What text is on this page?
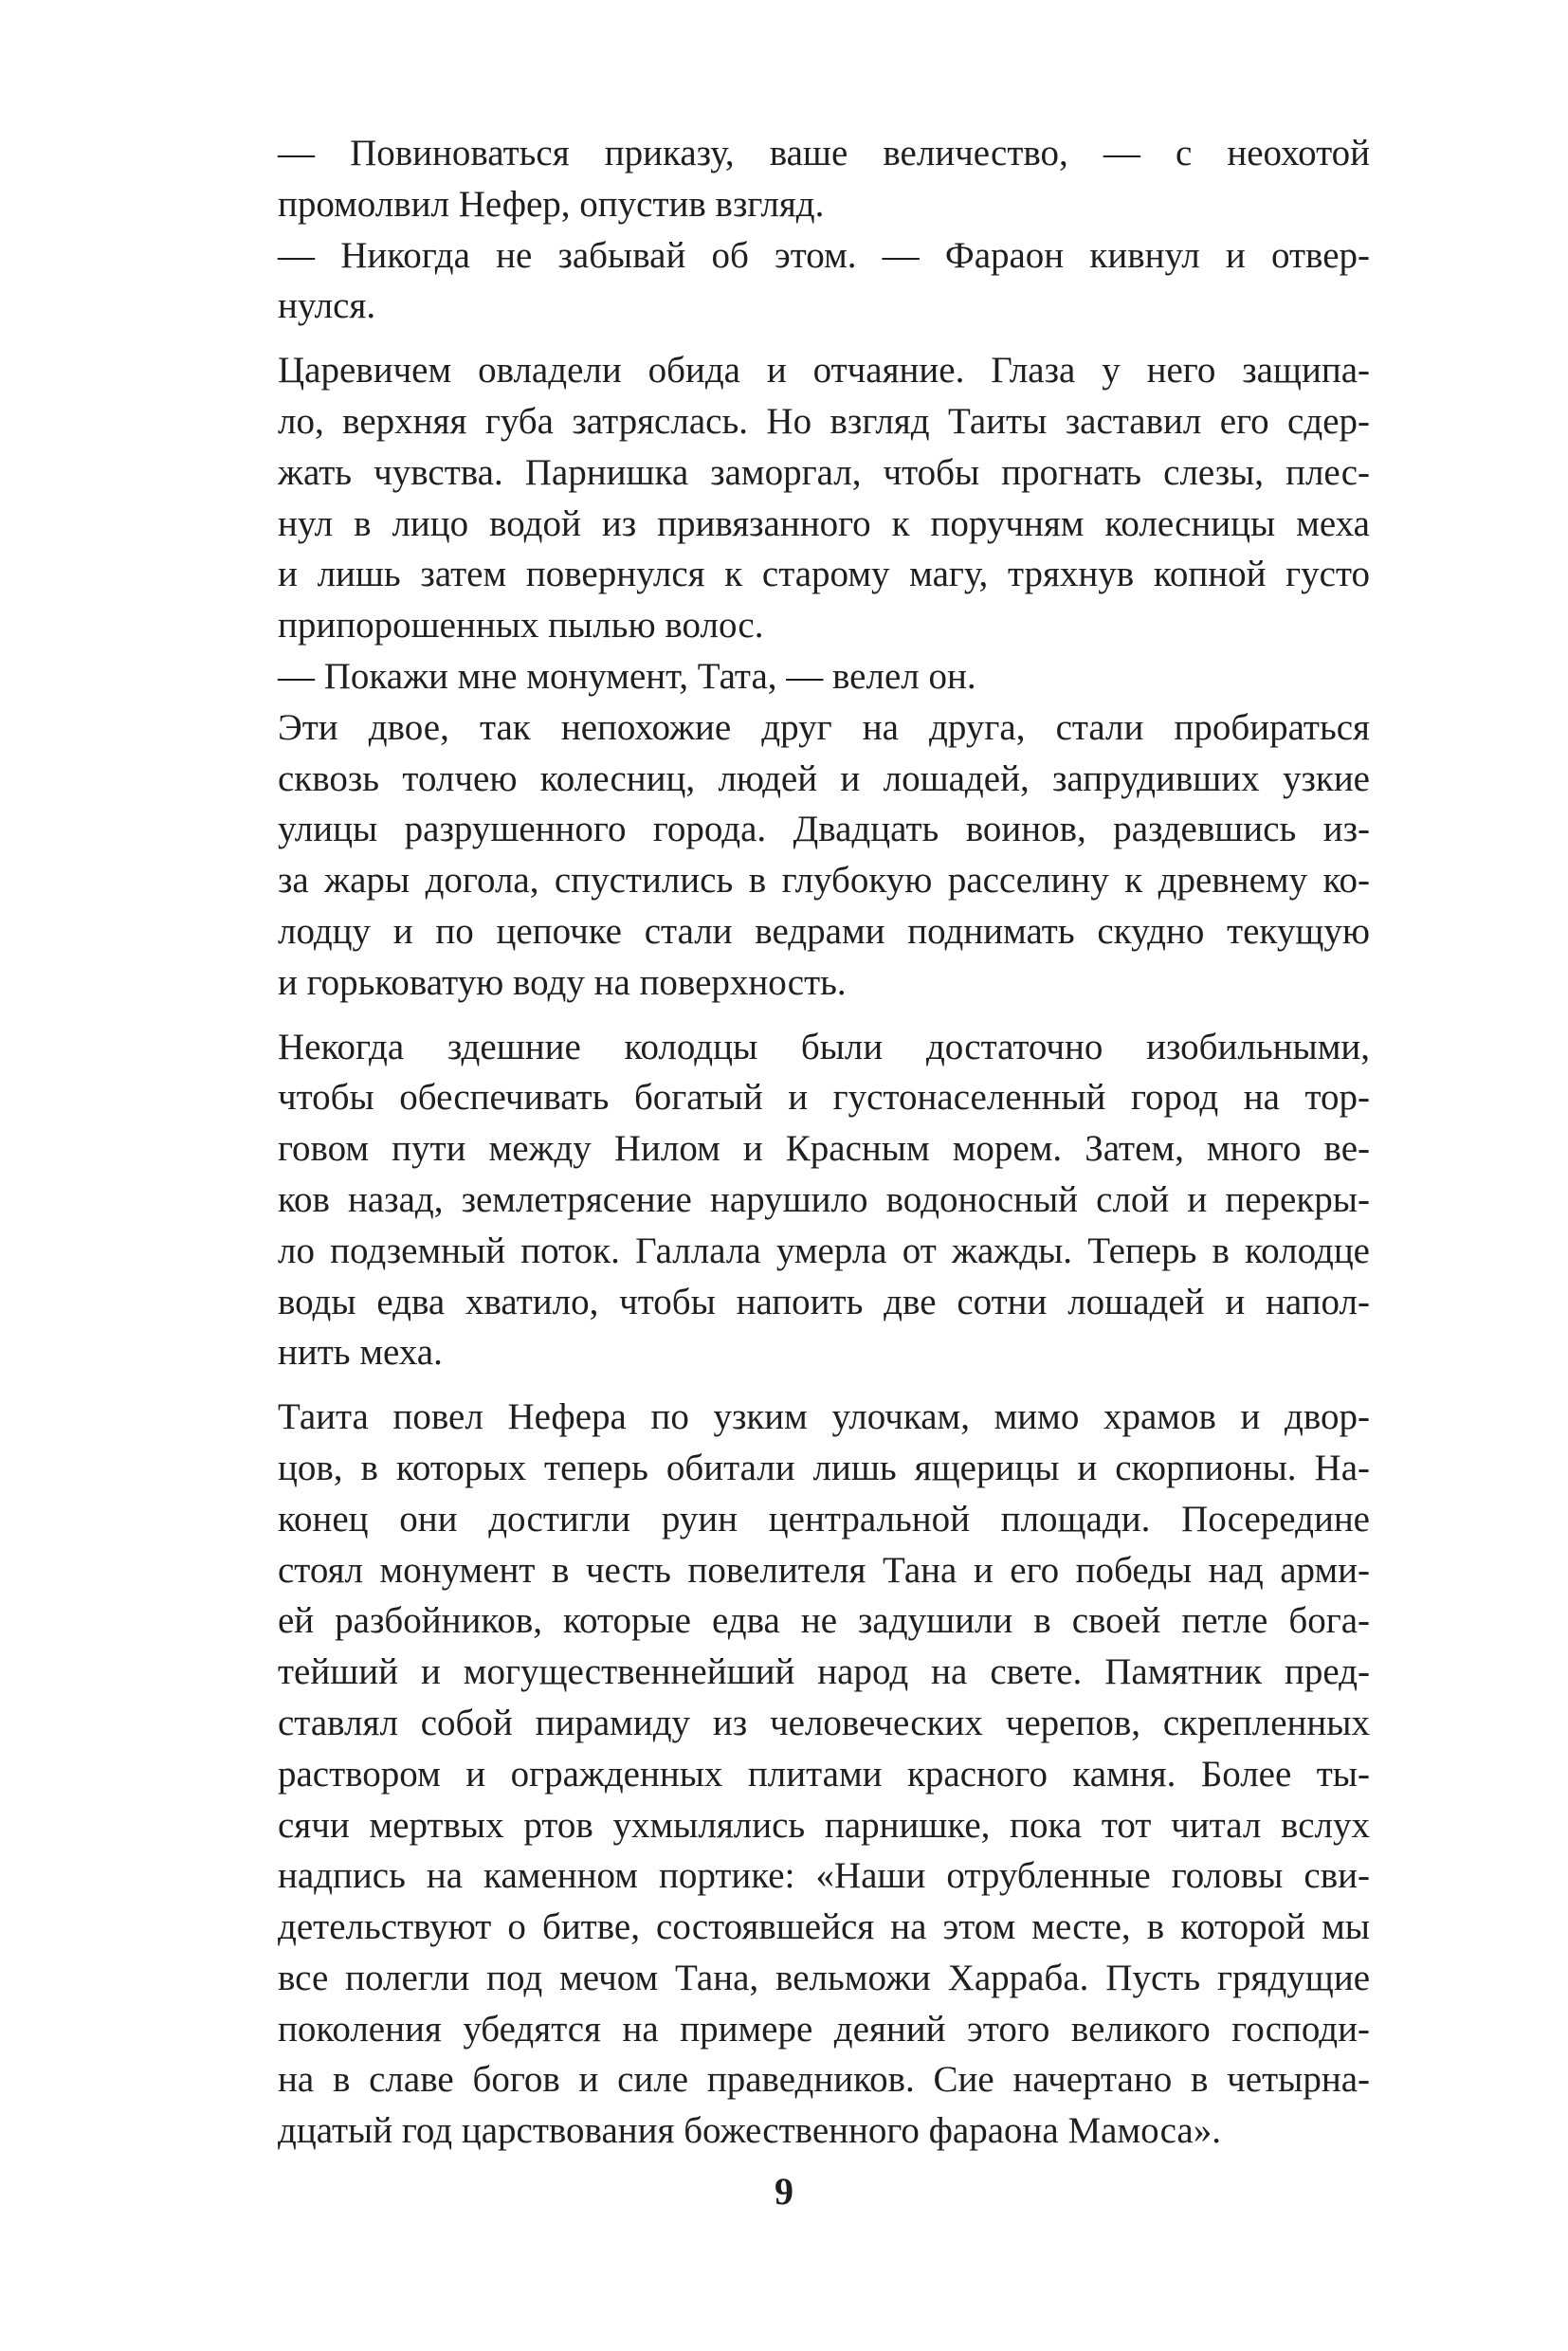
— Повиноваться приказу, ваше величество, — с неохотой
промолвил Нефер, опустив взгляд.
— Никогда не забывай об этом. — Фараон кивнул и отвер-
нулся.
Царевичем овладели обида и отчаяние. Глаза у него защипа-
ло, верхняя губа затряслась. Но взгляд Таиты заставил его сдер-
жать чувства. Парнишка заморгал, чтобы прогнать слезы, плес-
нул в лицо водой из привязанного к поручням колесницы меха
и лишь затем повернулся к старому магу, тряхнув копной густо
припорошенных пылью волос.
— Покажи мне монумент, Тата, — велел он.
Эти двое, так непохожие друг на друга, стали пробираться
сквозь толчею колесниц, людей и лошадей, запрудивших узкие
улицы разрушенного города. Двадцать воинов, раздевшись из-
за жары догола, спустились в глубокую расселину к древнему ко-
лодцу и по цепочке стали ведрами поднимать скудно текущую
и горьковатую воду на поверхность.
Некогда здешние колодцы были достаточно изобильными,
чтобы обеспечивать богатый и густонаселенный город на тор-
говом пути между Нилом и Красным морем. Затем, много ве-
ков назад, землетрясение нарушило водоносный слой и перекры-
ло подземный поток. Галлала умерла от жажды. Теперь в колодце
воды едва хватило, чтобы напоить две сотни лошадей и напол-
нить меха.
Таита повел Нефера по узким улочкам, мимо храмов и двор-
цов, в которых теперь обитали лишь ящерицы и скорпионы. На-
конец они достигли руин центральной площади. Посередине
стоял монумент в честь повелителя Тана и его победы над арми-
ей разбойников, которые едва не задушили в своей петле бога-
тейший и могущественнейший народ на свете. Памятник пред-
ставлял собой пирамиду из человеческих черепов, скрепленных
раствором и огражденных плитами красного камня. Более ты-
сячи мертвых ртов ухмылялись парнишке, пока тот читал вслух
надпись на каменном портике: «Наши отрубленные головы сви-
детельствуют о битве, состоявшейся на этом месте, в которой мы
все полегли под мечом Тана, вельможи Харраба. Пусть грядущие
поколения убедятся на примере деяний этого великого господи-
на в славе богов и силе праведников. Сие начертано в четырна-
дцатый год царствования божественного фараона Мамоса».
9
